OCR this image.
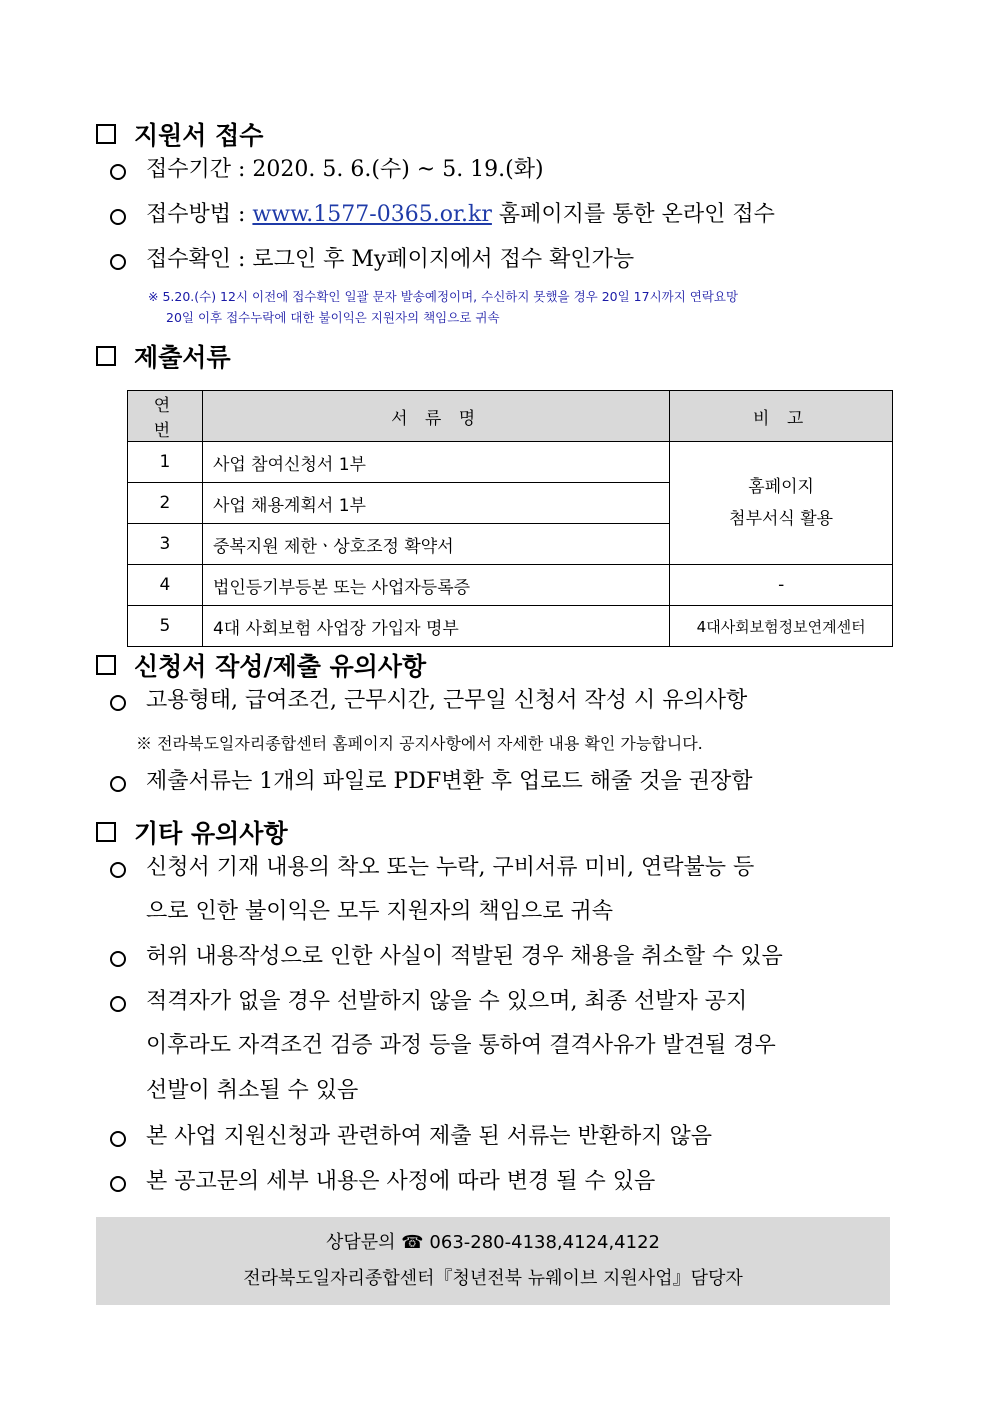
지원서 접수
접수기간 : 2020. 5. 6.(수) ~ 5. 19.(화)
접수방법 : www.1577-0365.or.kr 홈페이지를 통한 온라인 접수
접수확인 : 로그인 후 My페이지에서 접수 확인가능
※ 5.20.(수) 12시 이전에 접수확인 일괄 문자 발송예정이며, 수신하지 못했을 경우 20일 17시까지 연락요망
20일 이후 접수누락에 대한 불이익은 지원자의 책임으로 귀속
제출서류
연 번	서 류 명	비 고
1	사업 참여신청서 1부	홈페이지
첨부서식 활용

2	사업 채용계획서 1부	
3	중복지원 제한ㆍ상호조정 확약서	
4	법인등기부등본 또는 사업자등록증	-
5	4대 사회보험 사업장 가입자 명부	4대사회보험정보연계센터
신청서 작성/제출 유의사항
고용형태, 급여조건, 근무시간, 근무일 신청서 작성 시 유의사항
※ 전라북도일자리종합센터 홈페이지 공지사항에서 자세한 내용 확인 가능합니다.
제출서류는 1개의 파일로 PDF변환 후 업로드 해줄 것을 권장함
기타 유의사항
신청서 기재 내용의 착오 또는 누락, 구비서류 미비, 연락불능 등
으로 인한 불이익은 모두 지원자의 책임으로 귀속
허위 내용작성으로 인한 사실이 적발된 경우 채용을 취소할 수 있음
적격자가 없을 경우 선발하지 않을 수 있으며, 최종 선발자 공지
이후라도 자격조건 검증 과정 등을 통하여 결격사유가 발견될 경우
선발이 취소될 수 있음
본 사업 지원신청과 관련하여 제출 된 서류는 반환하지 않음
본 공고문의 세부 내용은 사정에 따라 변경 될 수 있음
상담문의 ☎ 063-280-4138,4124,4122
전라북도일자리종합센터『청년전북 뉴웨이브 지원사업』담당자
